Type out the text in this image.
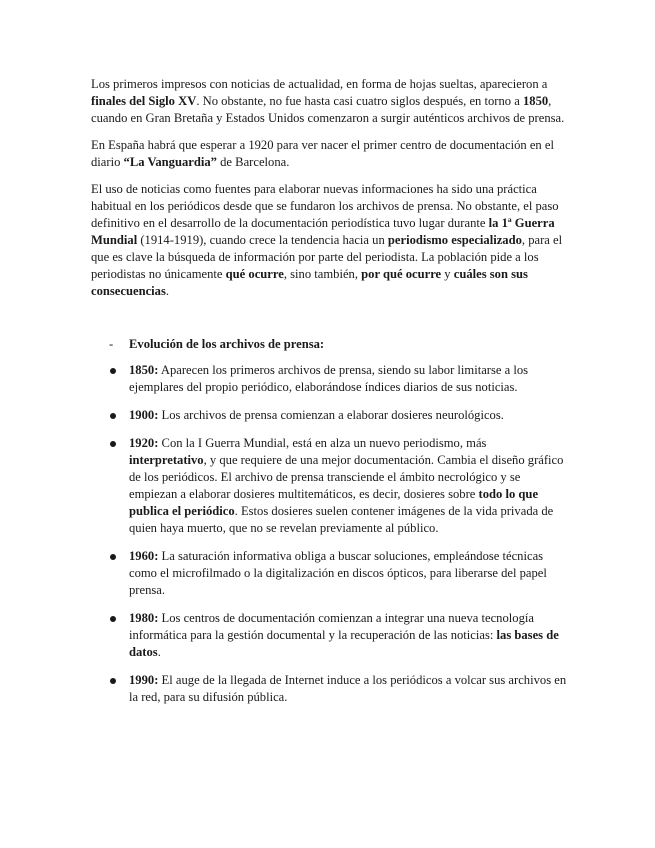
Los primeros impresos con noticias de actualidad, en forma de hojas sueltas, aparecieron a finales del Siglo XV. No obstante, no fue hasta casi cuatro siglos después, en torno a 1850, cuando en Gran Bretaña y Estados Unidos comenzaron a surgir auténticos archivos de prensa.

En España habrá que esperar a 1920 para ver nacer el primer centro de documentación en el diario “La Vanguardia” de Barcelona.

El uso de noticias como fuentes para elaborar nuevas informaciones ha sido una práctica habitual en los periódicos desde que se fundaron los archivos de prensa. No obstante, el paso definitivo en el desarrollo de la documentación periodística tuvo lugar durante la 1ª Guerra Mundial (1914-1919), cuando crece la tendencia hacia un periodismo especializado, para el que es clave la búsqueda de información por parte del periodista. La población pide a los periodistas no únicamente qué ocurre, sino también, por qué ocurre y cuáles son sus consecuencias.

- Evolución de los archivos de prensa:
1850: Aparecen los primeros archivos de prensa, siendo su labor limitarse a los ejemplares del propio periódico, elaborándose índices diarios de sus noticias.
1900: Los archivos de prensa comienzan a elaborar dosieres neurológicos.
1920: Con la I Guerra Mundial, está en alza un nuevo periodismo, más interpretativo, y que requiere de una mejor documentación. Cambia el diseño gráfico de los periódicos. El archivo de prensa transciende el ámbito necrológico y se empiezan a elaborar dosieres multitemáticos, es decir, dosieres sobre todo lo que publica el periódico. Estos dosieres suelen contener imágenes de la vida privada de quien haya muerto, que no se revelan previamente al público.
1960: La saturación informativa obliga a buscar soluciones, empleándose técnicas como el microfilmado o la digitalización en discos ópticos, para liberarse del papel prensa.
1980: Los centros de documentación comienzan a integrar una nueva tecnología informática para la gestión documental y la recuperación de las noticias: las bases de datos.
1990: El auge de la llegada de Internet induce a los periódicos a volcar sus archivos en la red, para su difusión pública.
